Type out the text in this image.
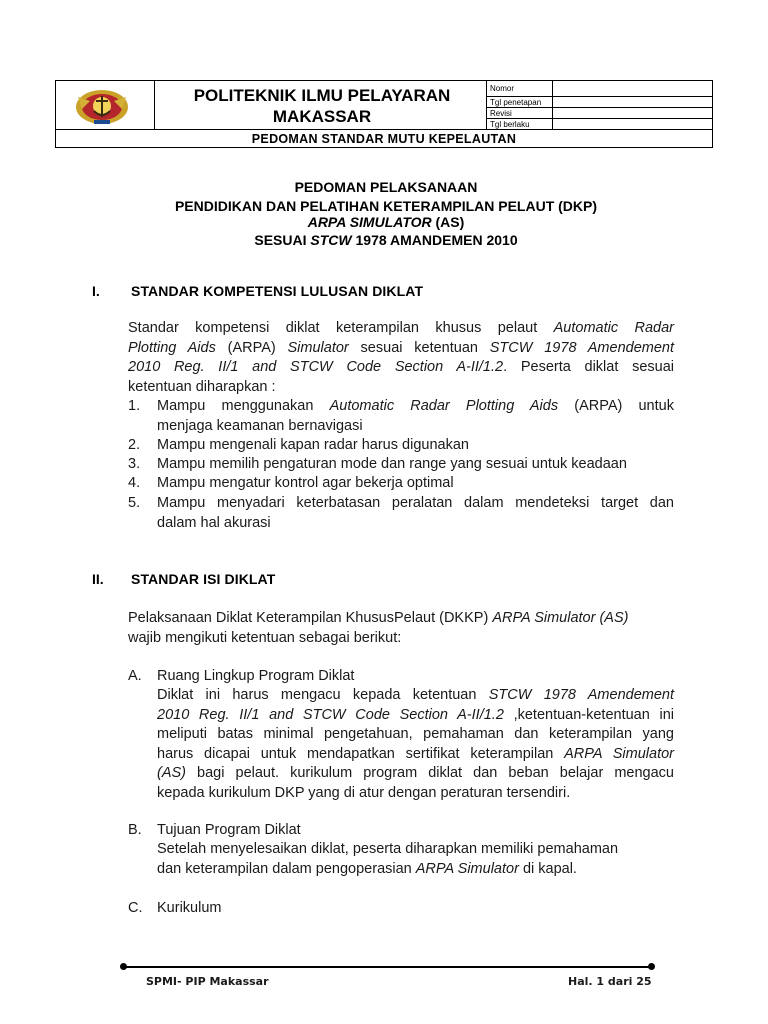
POLITEKNIK ILMU PELAYARAN
MAKASSAR
Nomor
Tgl penetapan
Revisi
Tgl berlaku
PEDOMAN STANDAR MUTU KEPELAUTAN
PEDOMAN PELAKSANAAN
PENDIDIKAN DAN PELATIHAN KETERAMPILAN PELAUT (DKP)
ARPA SIMULATOR (AS)
SESUAI STCW 1978 AMANDEMEN 2010
I. STANDAR KOMPETENSI LULUSAN DIKLAT
Standar kompetensi diklat keterampilan khusus pelaut Automatic Radar
Plotting Aids (ARPA) Simulator sesuai ketentuan STCW 1978 Amendement
2010 Reg. II/1 and STCW Code Section A-II/1.2. Peserta diklat sesuai
ketentuan diharapkan :
1. Mampu menggunakan Automatic Radar Plotting Aids (ARPA) untuk
menjaga keamanan bernavigasi
2. Mampu mengenali kapan radar harus digunakan
3. Mampu memilih pengaturan mode dan range yang sesuai untuk keadaan
4. Mampu mengatur kontrol agar bekerja optimal
5. Mampu menyadari keterbatasan peralatan dalam mendeteksi target dan
dalam hal akurasi
II. STANDAR ISI DIKLAT
Pelaksanaan Diklat Keterampilan KhususPelaut (DKKP) ARPA Simulator (AS)
wajib mengikuti ketentuan sebagai berikut:
A. Ruang Lingkup Program Diklat
Diklat ini harus mengacu kepada ketentuan STCW 1978 Amendement
2010 Reg. II/1 and STCW Code Section A-II/1.2 ,ketentuan-ketentuan ini
meliputi batas minimal pengetahuan, pemahaman dan keterampilan yang
harus dicapai untuk mendapatkan sertifikat keterampilan ARPA Simulator
(AS) bagi pelaut. kurikulum program diklat dan beban belajar mengacu
kepada kurikulum DKP yang di atur dengan peraturan tersendiri.
B. Tujuan Program Diklat
Setelah menyelesaikan diklat, peserta diharapkan memiliki pemahaman
dan keterampilan dalam pengoperasian ARPA Simulator di kapal.
C. Kurikulum
SPMI- PIP Makassar	Hal. 1 dari 25
